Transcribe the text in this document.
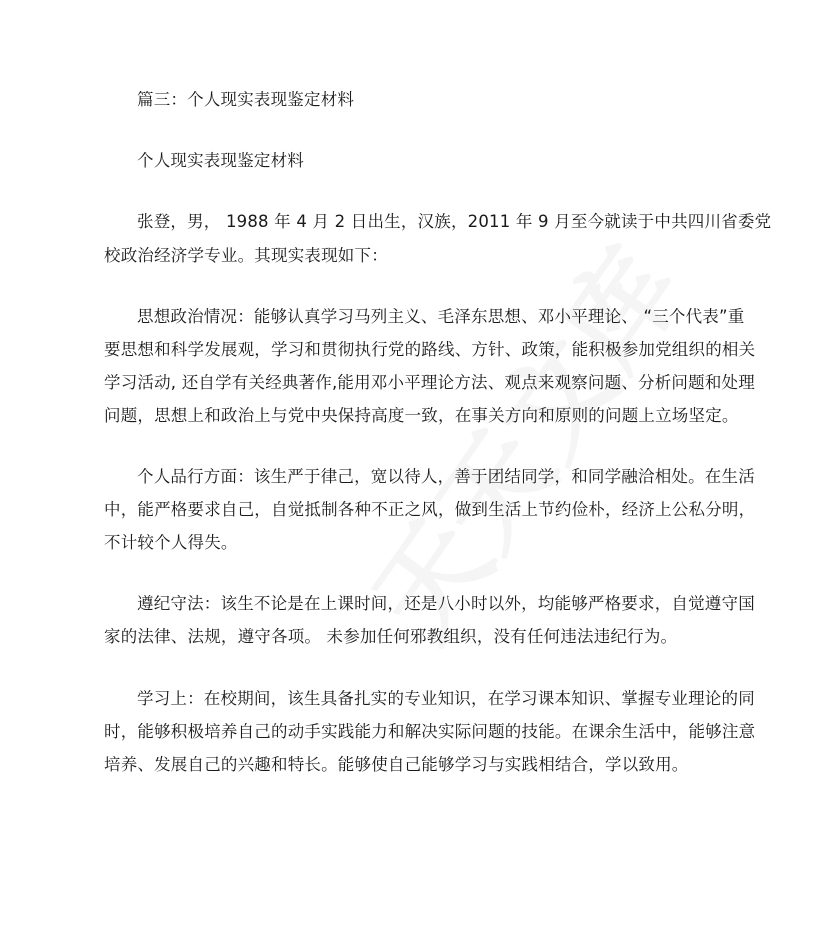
篇三：个人现实表现鉴定材料
个人现实表现鉴定材料
张登，男， 1988 年 4 月 2 日出生，汉族，2011 年 9 月至今就读于中共四川省委党
校政治经济学专业。其现实表现如下：
思想政治情况：能够认真学习马列主义、毛泽东思想、邓小平理论、 “三个代表”重
要思想和科学发展观，学习和贯彻执行党的路线、方针、政策，能积极参加党组织的相关
学习活动, 还自学有关经典著作,能用邓小平理论方法、观点来观察问题、分析问题和处理
问题，思想上和政治上与党中央保持高度一致，在事关方向和原则的问题上立场坚定。
个人品行方面：该生严于律己，宽以待人，善于团结同学，和同学融洽相处。在生活
中，能严格要求自己，自觉抵制各种不正之风，做到生活上节约俭朴，经济上公私分明，
不计较个人得失。
遵纪守法：该生不论是在上课时间，还是八小时以外，均能够严格要求，自觉遵守国
家的法律、法规，遵守各项。 未参加任何邪教组织，没有任何违法违纪行为。
学习上：在校期间，该生具备扎实的专业知识，在学习课本知识、掌握专业理论的同
时，能够积极培养自己的动手实践能力和解决实际问题的技能。在课余生活中，能够注意
培养、发展自己的兴趣和特长。能够使自己能够学习与实践相结合，学以致用。
